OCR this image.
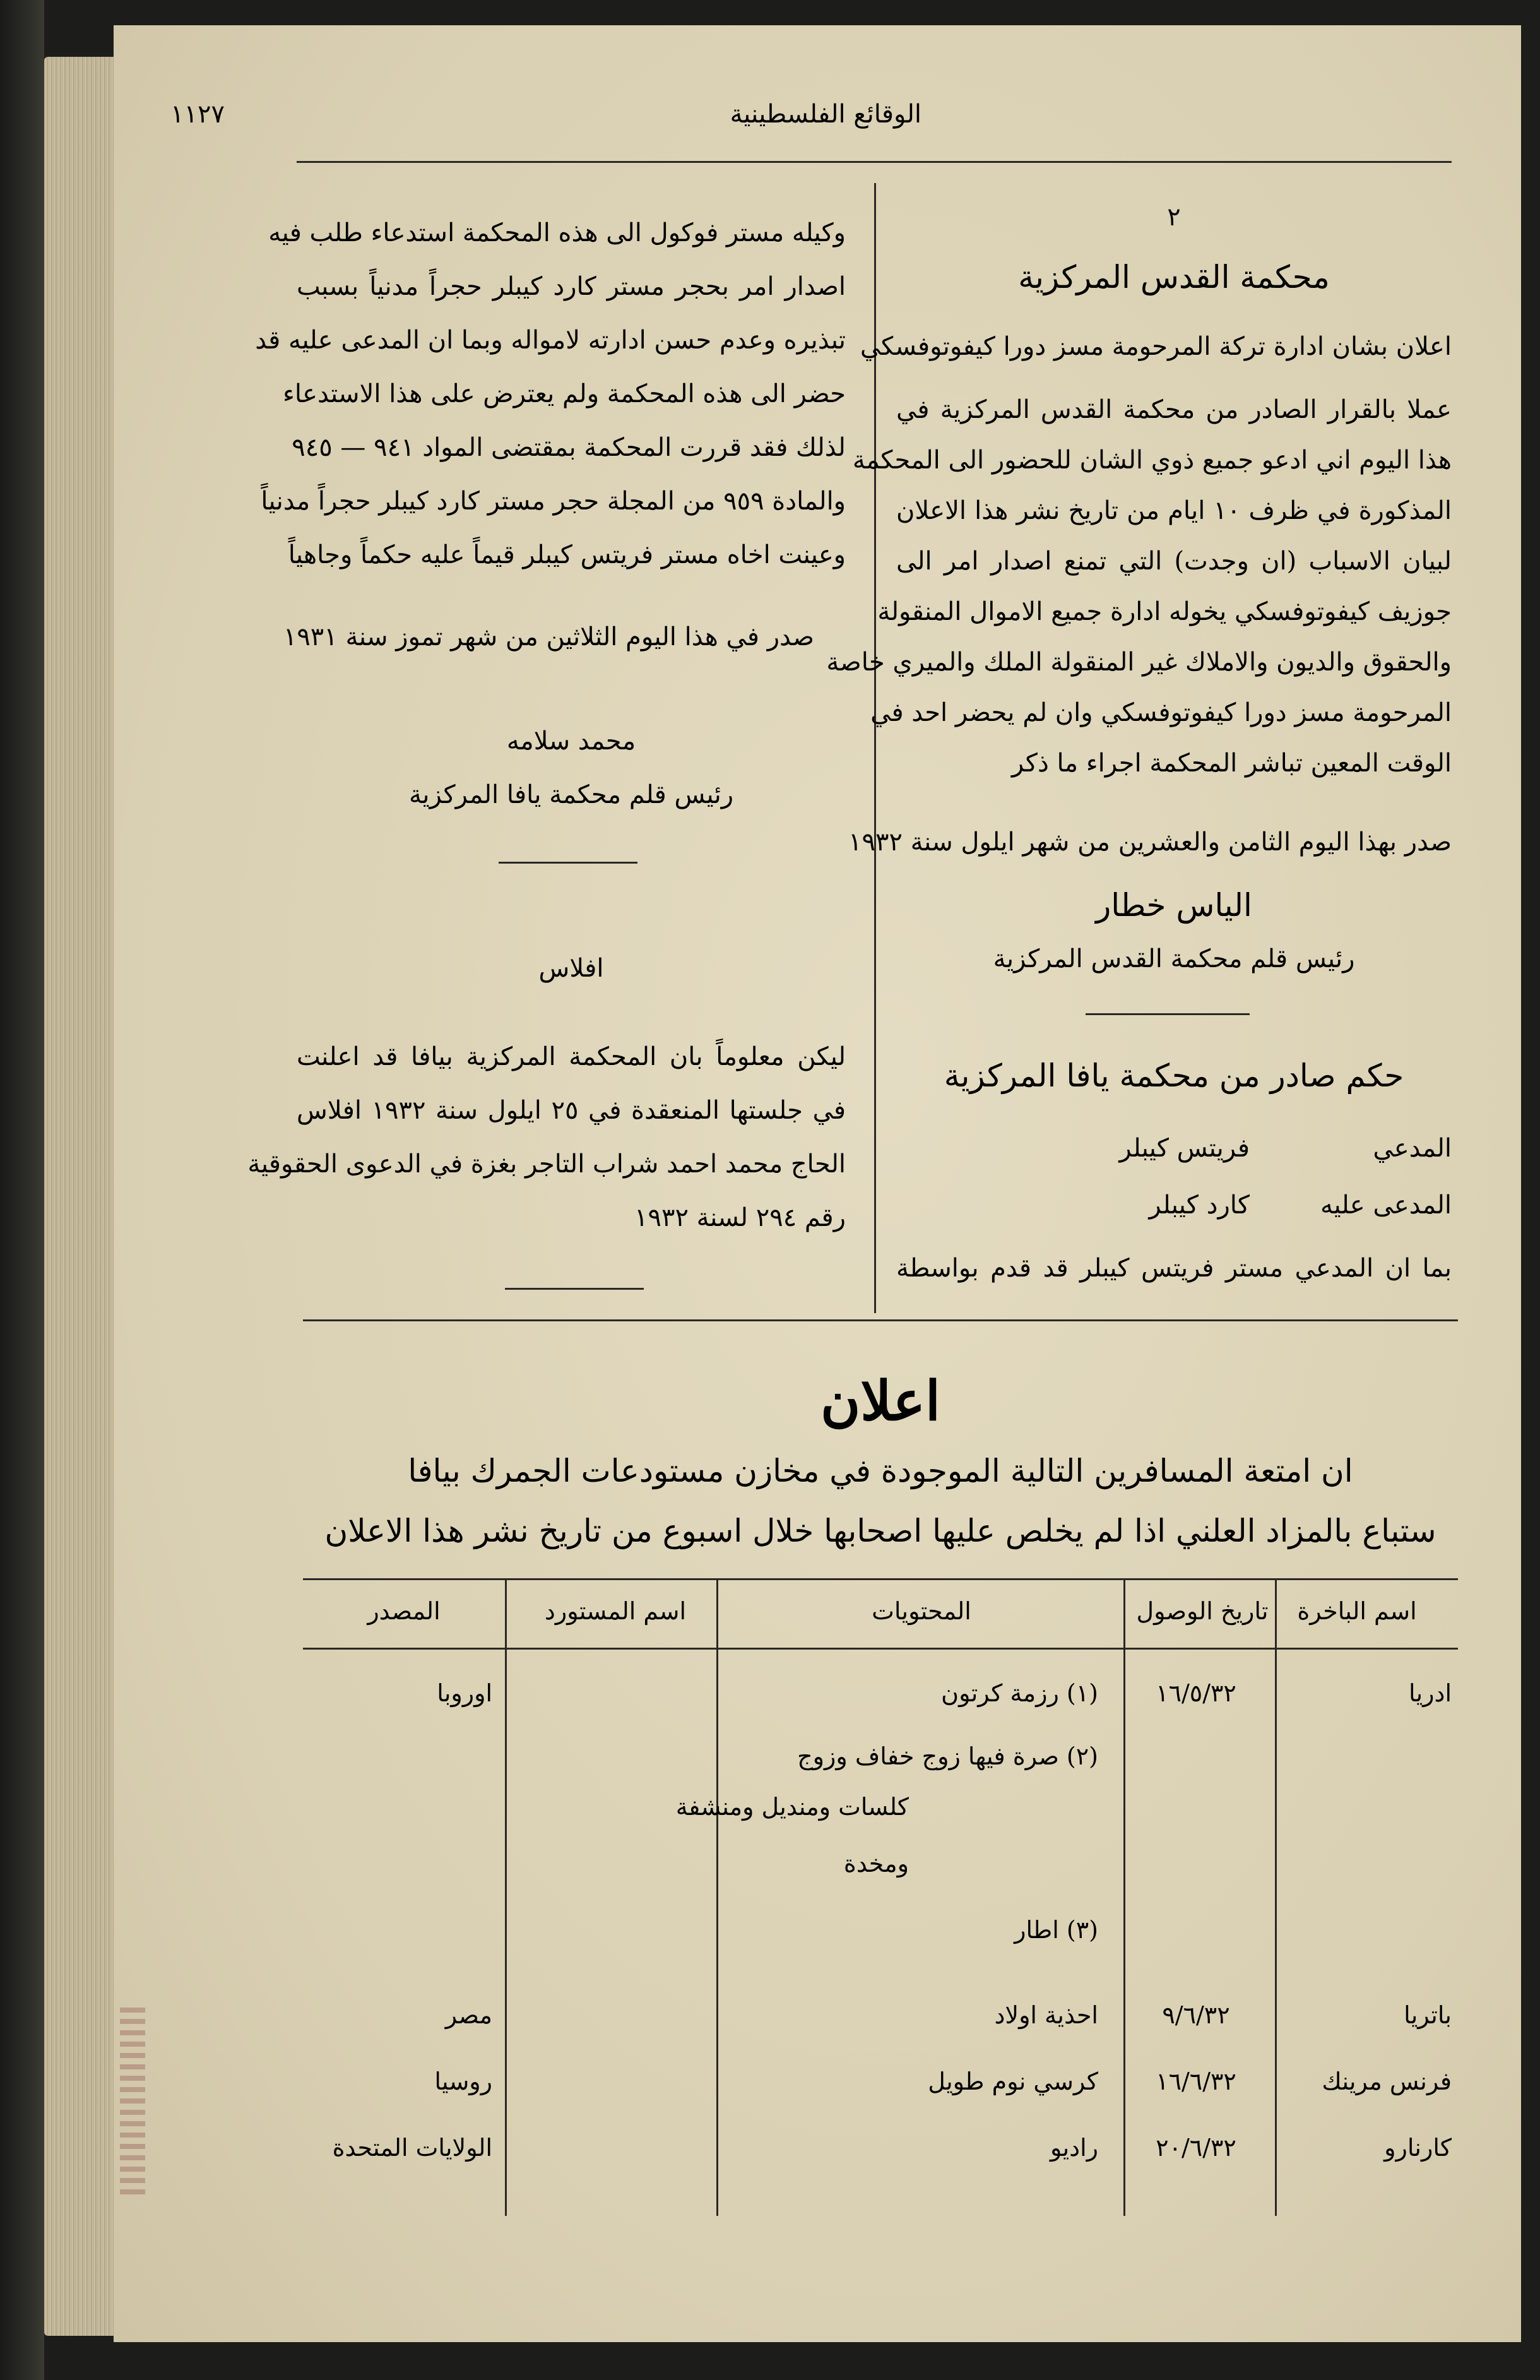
الوقائع الفلسطينية
١١٢٧
٢
محكمة القدس المركزية
اعلان بشان ادارة تركة المرحومة مسز دورا كيفوتوفسكي
عملا بالقرار الصادر من محكمة القدس المركزية في
هذا اليوم اني ادعو جميع ذوي الشان للحضور الى المحكمة
المذكورة في ظرف ١٠ ايام من تاريخ نشر هذا الاعلان
لبيان الاسباب (ان وجدت) التي تمنع اصدار امر الى
جوزيف كيفوتوفسكي يخوله ادارة جميع الاموال المنقولة
والحقوق والديون والاملاك غير المنقولة الملك والميري خاصة
المرحومة مسز دورا كيفوتوفسكي وان لم يحضر احد في
الوقت المعين تباشر المحكمة اجراء ما ذكر
صدر بهذا اليوم الثامن والعشرين من شهر ايلول سنة ١٩٣٢
الياس خطار
رئيس قلم محكمة القدس المركزية
حكم صادر من محكمة يافا المركزية
المدعي
فريتس كيبلر
المدعى عليه
كارد كيبلر
بما ان المدعي مستر فريتس كيبلر قد قدم بواسطة
وكيله مستر فوكول الى هذه المحكمة استدعاء طلب فيه
اصدار امر بحجر مستر كارد كيبلر حجراً مدنياً بسبب
تبذيره وعدم حسن ادارته لامواله وبما ان المدعى عليه قد
حضر الى هذه المحكمة ولم يعترض على هذا الاستدعاء
لذلك فقد قررت المحكمة بمقتضى المواد ٩٤١ — ٩٤٥
والمادة ٩٥٩ من المجلة حجر مستر كارد كيبلر حجراً مدنياً
وعينت اخاه مستر فريتس كيبلر قيماً عليه حكماً وجاهياً
صدر في هذا اليوم الثلاثين من شهر تموز سنة ١٩٣١
محمد سلامه
رئيس قلم محكمة يافا المركزية
افلاس
ليكن معلوماً بان المحكمة المركزية بيافا قد اعلنت
في جلستها المنعقدة في ٢٥ ايلول سنة ١٩٣٢ افلاس
الحاج محمد احمد شراب التاجر بغزة في الدعوى الحقوقية
رقم ٢٩٤ لسنة ١٩٣٢
اعلان
ان امتعة المسافرين التالية الموجودة في مخازن مستودعات الجمرك بيافا
ستباع بالمزاد العلني اذا لم يخلص عليها اصحابها خلال اسبوع من تاريخ نشر هذا الاعلان
اسم الباخرة
تاريخ الوصول
المحتويات
اسم المستورد
المصدر
ادريا
١٦/٥/٣٢
(١) رزمة كرتون
(٢) صرة فيها زوج خفاف وزوج
كلسات ومنديل ومنشفة
ومخدة
(٣) اطار
اوروبا
باتريا
٩/٦/٣٢
احذية اولاد
مصر
فرنس مرينك
١٦/٦/٣٢
كرسي نوم طويل
روسيا
كارنارو
٢٠/٦/٣٢
راديو
الولايات المتحدة
